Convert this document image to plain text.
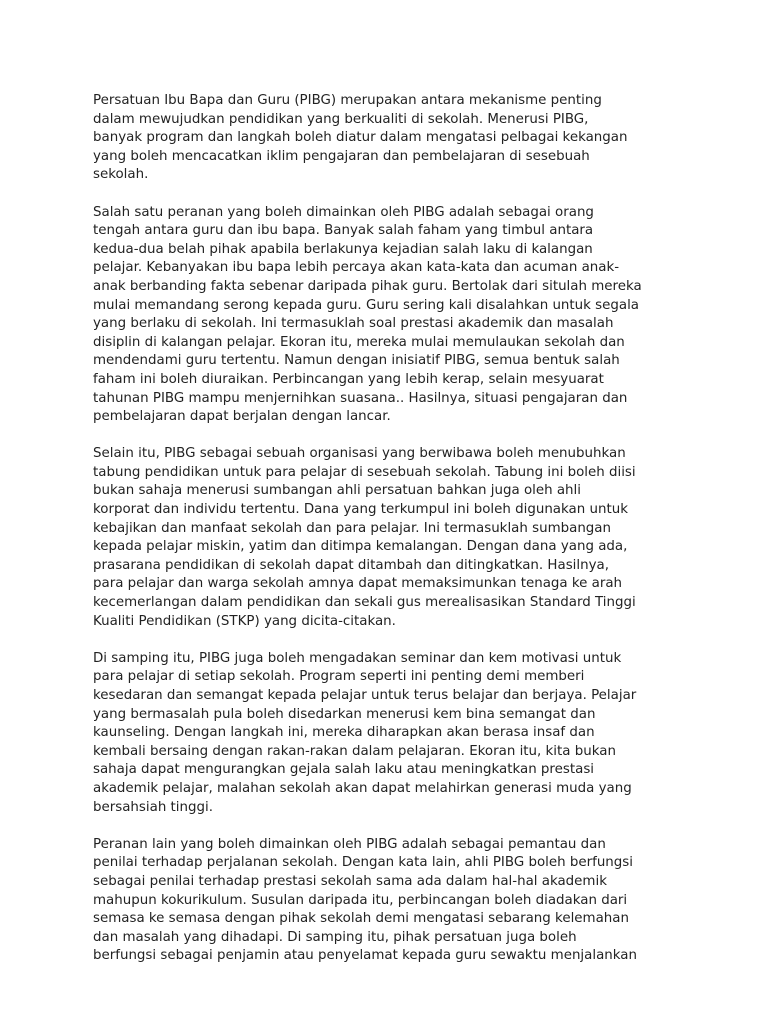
Persatuan Ibu Bapa dan Guru (PIBG) merupakan antara mekanisme penting
dalam mewujudkan pendidikan yang berkualiti di sekolah. Menerusi PIBG,
banyak program dan langkah boleh diatur dalam mengatasi pelbagai kekangan
yang boleh mencacatkan iklim pengajaran dan pembelajaran di sesebuah
sekolah.

Salah satu peranan yang boleh dimainkan oleh PIBG adalah sebagai orang
tengah antara guru dan ibu bapa. Banyak salah faham yang timbul antara
kedua-dua belah pihak apabila berlakunya kejadian salah laku di kalangan
pelajar. Kebanyakan ibu bapa lebih percaya akan kata-kata dan acuman anak-
anak berbanding fakta sebenar daripada pihak guru. Bertolak dari situlah mereka
mulai memandang serong kepada guru. Guru sering kali disalahkan untuk segala
yang berlaku di sekolah. Ini termasuklah soal prestasi akademik dan masalah
disiplin di kalangan pelajar. Ekoran itu, mereka mulai memulaukan sekolah dan
mendendami guru tertentu. Namun dengan inisiatif PIBG, semua bentuk salah
faham ini boleh diuraikan. Perbincangan yang lebih kerap, selain mesyuarat
tahunan PIBG mampu menjernihkan suasana.. Hasilnya, situasi pengajaran dan
pembelajaran dapat berjalan dengan lancar.

Selain itu, PIBG sebagai sebuah organisasi yang berwibawa boleh menubuhkan
tabung pendidikan untuk para pelajar di sesebuah sekolah. Tabung ini boleh diisi
bukan sahaja menerusi sumbangan ahli persatuan bahkan juga oleh ahli
korporat dan individu tertentu. Dana yang terkumpul ini boleh digunakan untuk
kebajikan dan manfaat sekolah dan para pelajar. Ini termasuklah sumbangan
kepada pelajar miskin, yatim dan ditimpa kemalangan. Dengan dana yang ada,
prasarana pendidikan di sekolah dapat ditambah dan ditingkatkan. Hasilnya,
para pelajar dan warga sekolah amnya dapat memaksimunkan tenaga ke arah
kecemerlangan dalam pendidikan dan sekali gus merealisasikan Standard Tinggi
Kualiti Pendidikan (STKP) yang dicita-citakan.

Di samping itu, PIBG juga boleh mengadakan seminar dan kem motivasi untuk
para pelajar di setiap sekolah. Program seperti ini penting demi memberi
kesedaran dan semangat kepada pelajar untuk terus belajar dan berjaya. Pelajar
yang bermasalah pula boleh disedarkan menerusi kem bina semangat dan
kaunseling. Dengan langkah ini, mereka diharapkan akan berasa insaf dan
kembali bersaing dengan rakan-rakan dalam pelajaran. Ekoran itu, kita bukan
sahaja dapat mengurangkan gejala salah laku atau meningkatkan prestasi
akademik pelajar, malahan sekolah akan dapat melahirkan generasi muda yang
bersahsiah tinggi.

Peranan lain yang boleh dimainkan oleh PIBG adalah sebagai pemantau dan
penilai terhadap perjalanan sekolah. Dengan kata lain, ahli PIBG boleh berfungsi
sebagai penilai terhadap prestasi sekolah sama ada dalam hal-hal akademik
mahupun kokurikulum. Susulan daripada itu, perbincangan boleh diadakan dari
semasa ke semasa dengan pihak sekolah demi mengatasi sebarang kelemahan
dan masalah yang dihadapi. Di samping itu, pihak persatuan juga boleh
berfungsi sebagai penjamin atau penyelamat kepada guru sewaktu menjalankan
